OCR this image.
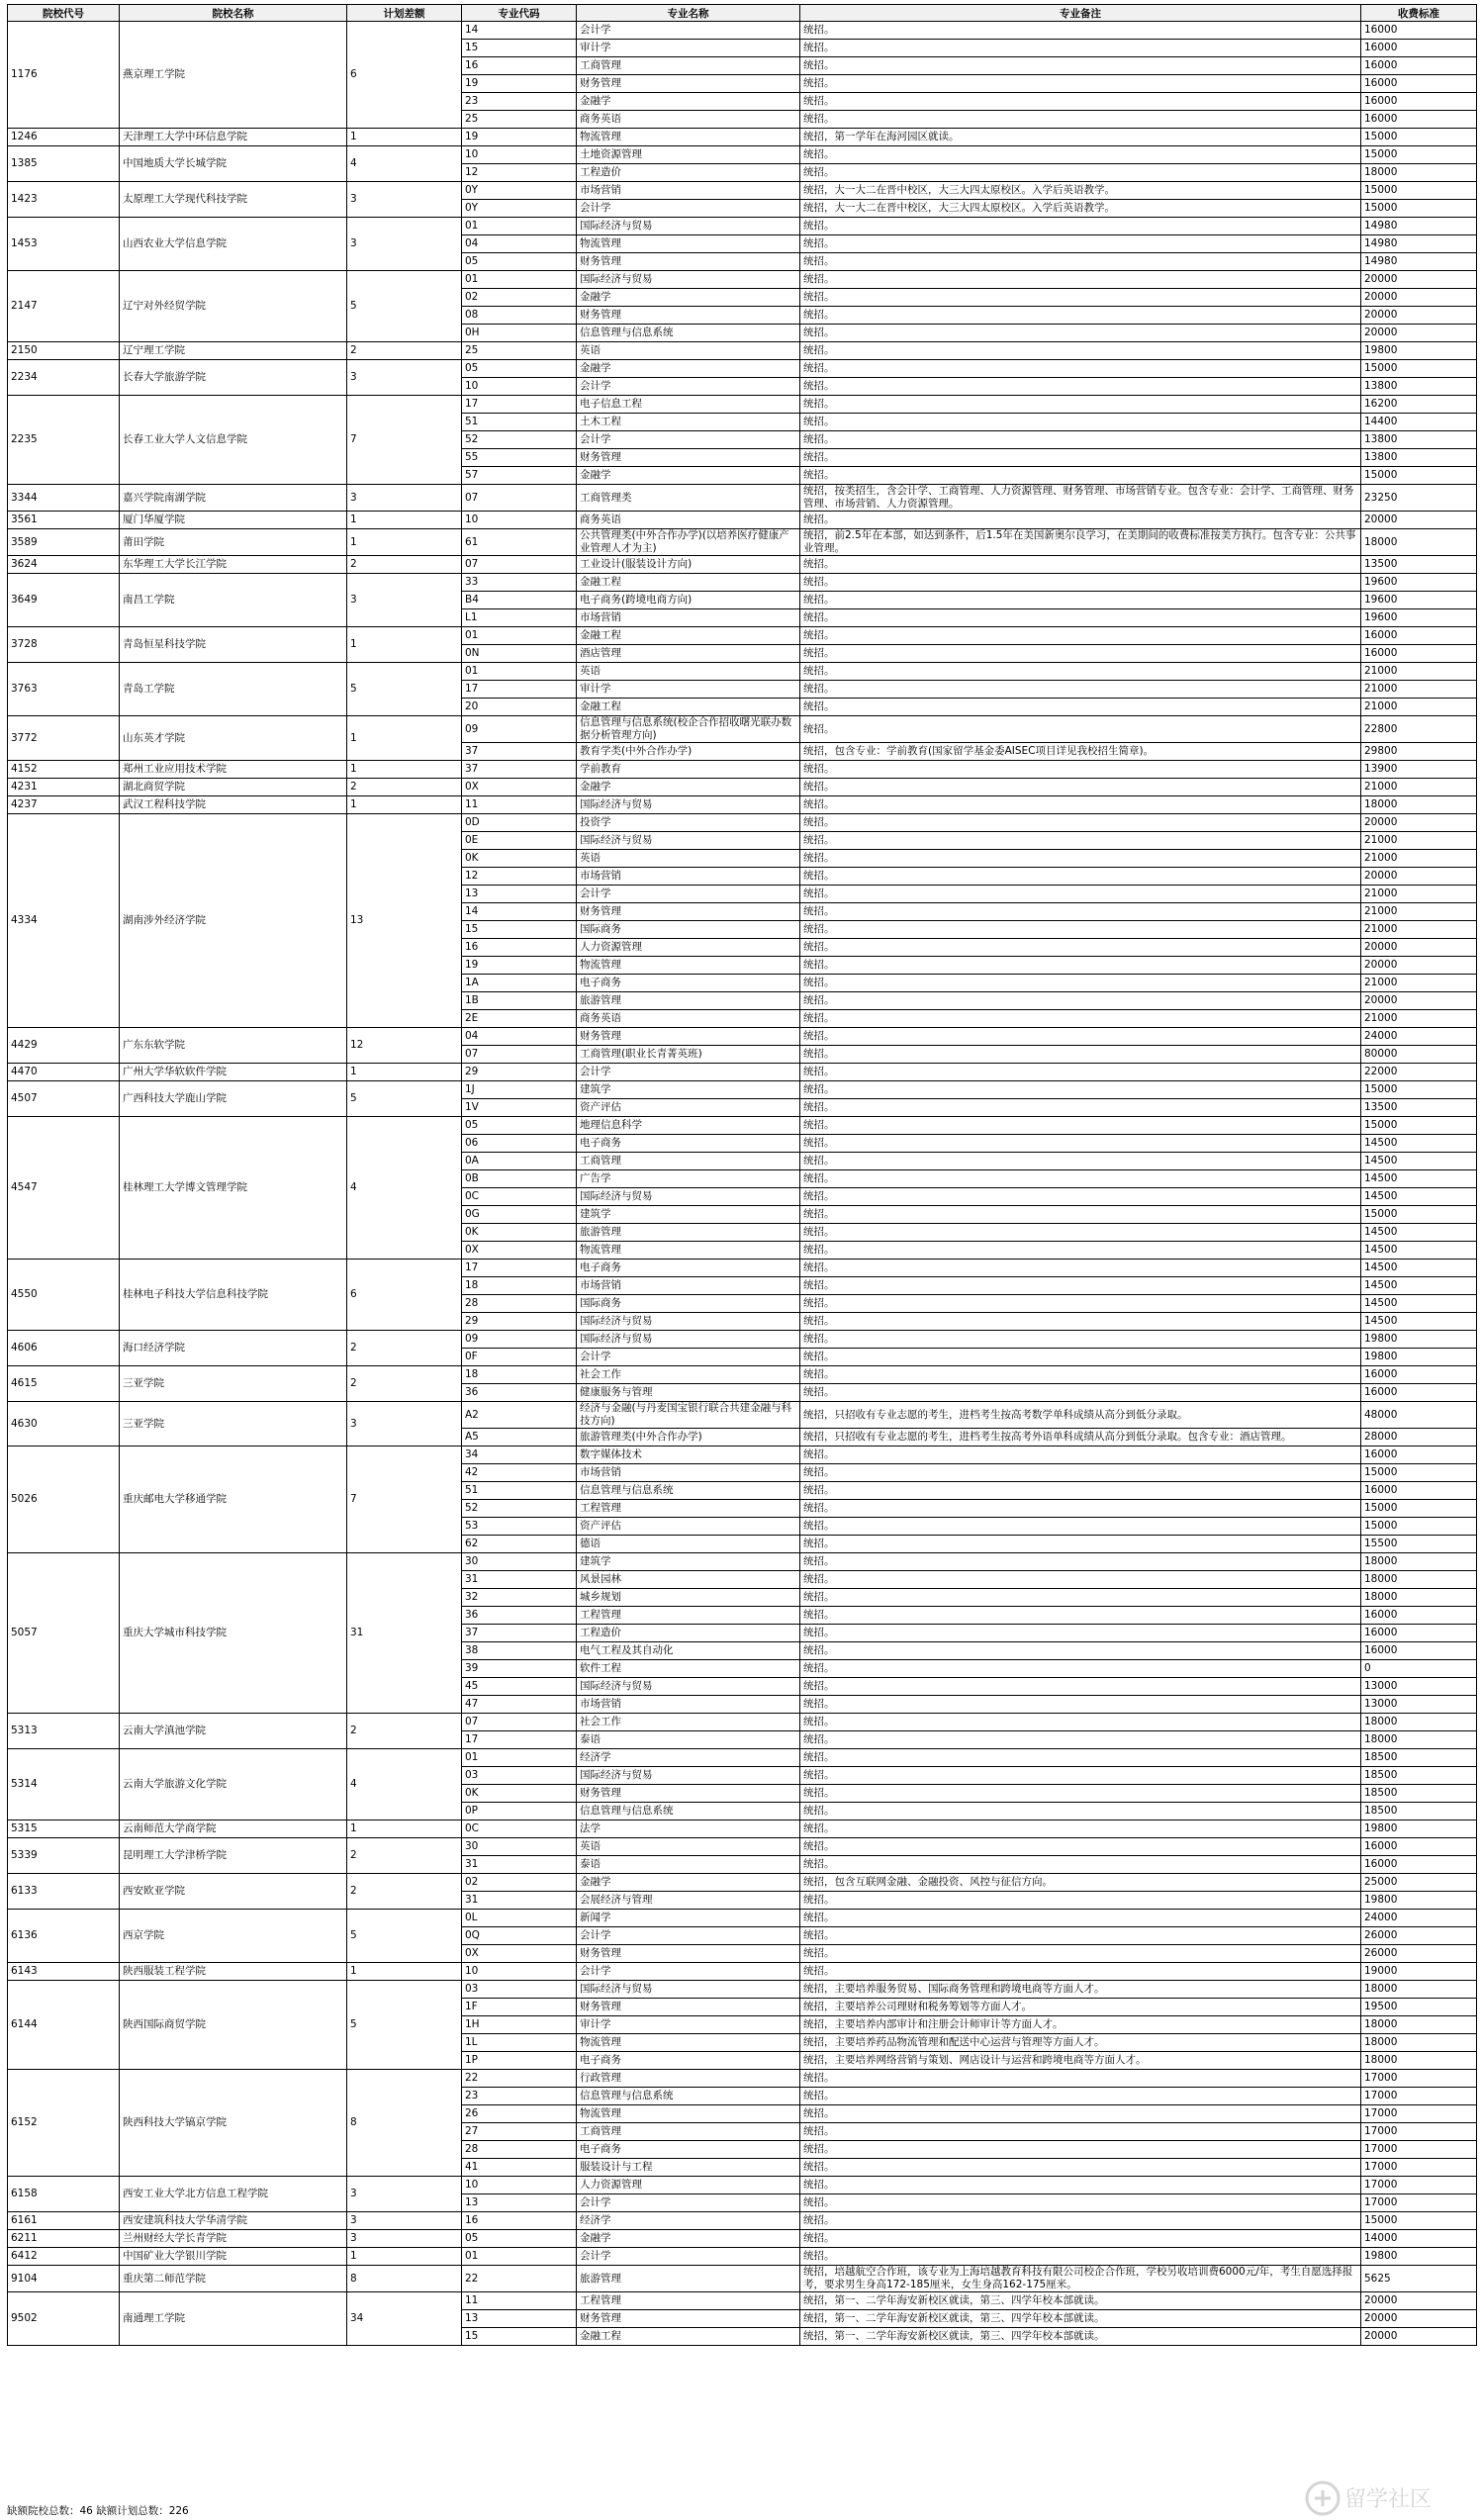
院校代号	院校名称	计划差额	专业代码	专业名称	专业备注	收费标准
1176	燕京理工学院	6	14	会计学	统招。	16000
			15	审计学	统招。	16000
			16	工商管理	统招。	16000
			19	财务管理	统招。	16000
			23	金融学	统招。	16000
			25	商务英语	统招。	16000
1246	天津理工大学中环信息学院	1	19	物流管理	统招，第一学年在海河园区就读。	15000
1385	中国地质大学长城学院	4	10	土地资源管理	统招。	15000
			12	工程造价	统招。	18000
1423	太原理工大学现代科技学院	3	0Y	市场营销	统招，大一大二在晋中校区，大三大四太原校区。入学后英语教学。	15000
			0Y	会计学	统招，大一大二在晋中校区，大三大四太原校区。入学后英语教学。	15000
1453	山西农业大学信息学院	3	01	国际经济与贸易	统招。	14980
			04	物流管理	统招。	14980
			05	财务管理	统招。	14980
2147	辽宁对外经贸学院	5	01	国际经济与贸易	统招。	20000
			02	金融学	统招。	20000
			08	财务管理	统招。	20000
			0H	信息管理与信息系统	统招。	20000
2150	辽宁理工学院	2	25	英语	统招。	19800
2234	长春大学旅游学院	3	05	金融学	统招。	15000
			10	会计学	统招。	13800
2235	长春工业大学人文信息学院	7	17	电子信息工程	统招。	16200
			51	土木工程	统招。	14400
			52	会计学	统招。	13800
			55	财务管理	统招。	13800
			57	金融学	统招。	15000
3344	嘉兴学院南湖学院	3	07	工商管理类	统招，按类招生，含会计学、工商管理、人力资源管理、财务管理、市场营销专业。包含专业：会计学、工商管理、财务管理、市场营销、人力资源管理。	23250
3561	厦门华厦学院	1	10	商务英语	统招。	20000
3589	莆田学院	1	61	公共管理类(中外合作办学)(以培养医疗健康产业管理人才为主)	统招，前2.5年在本部，如达到条件，后1.5年在美国新奥尔良学习，在美期间的收费标准按美方执行。包含专业：公共事业管理。	18000
3624	东华理工大学长江学院	2	07	工业设计(服装设计方向)	统招。	13500
3649	南昌工学院	3	33	金融工程	统招。	19600
			B4	电子商务(跨境电商方向)	统招。	19600
			L1	市场营销	统招。	19600
3728	青岛恒星科技学院	1	01	金融工程	统招。	16000
			0N	酒店管理	统招。	16000
3763	青岛工学院	5	01	英语	统招。	21000
			17	审计学	统招。	21000
			20	金融工程	统招。	21000
3772	山东英才学院	1	09	信息管理与信息系统(校企合作招收曙光联办数据分析管理方向)	统招。	22800
			37	教育学类(中外合作办学)	统招，包含专业：学前教育(国家留学基金委AISEC项目详见我校招生简章)。	29800
4152	郑州工业应用技术学院	1	37	学前教育	统招。	13900
4231	湖北商贸学院	2	0X	金融学	统招。	21000
4237	武汉工程科技学院	1	11	国际经济与贸易	统招。	18000
4334	湖南涉外经济学院	13	0D	投资学	统招。	20000
			0E	国际经济与贸易	统招。	21000
			0K	英语	统招。	21000
			12	市场营销	统招。	20000
			13	会计学	统招。	21000
			14	财务管理	统招。	21000
			15	国际商务	统招。	21000
			16	人力资源管理	统招。	20000
			19	物流管理	统招。	20000
			1A	电子商务	统招。	21000
			1B	旅游管理	统招。	20000
			2E	商务英语	统招。	21000
4429	广东东软学院	12	04	财务管理	统招。	24000
			07	工商管理(职业长青菁英班)	统招。	80000
4470	广州大学华软软件学院	1	29	会计学	统招。	22000
4507	广西科技大学鹿山学院	5	1J	建筑学	统招。	15000
			1V	资产评估	统招。	13500
4547	桂林理工大学博文管理学院	4	05	地理信息科学	统招。	15000
			06	电子商务	统招。	14500
			0A	工商管理	统招。	14500
			0B	广告学	统招。	14500
			0C	国际经济与贸易	统招。	14500
			0G	建筑学	统招。	15000
			0K	旅游管理	统招。	14500
			0X	物流管理	统招。	14500
4550	桂林电子科技大学信息科技学院	6	17	电子商务	统招。	14500
			18	市场营销	统招。	14500
			28	国际商务	统招。	14500
			29	国际经济与贸易	统招。	14500
4606	海口经济学院	2	09	国际经济与贸易	统招。	19800
			0F	会计学	统招。	19800
4615	三亚学院	2	18	社会工作	统招。	16000
			36	健康服务与管理	统招。	16000
4630	三亚学院	3	A2	经济与金融(与丹麦国宝银行联合共建金融与科技方向)	统招，只招收有专业志愿的考生，进档考生按高考数学单科成绩从高分到低分录取。	48000
			A5	旅游管理类(中外合作办学)	统招，只招收有专业志愿的考生，进档考生按高考外语单科成绩从高分到低分录取。包含专业：酒店管理。	28000
5026	重庆邮电大学移通学院	7	34	数字媒体技术	统招。	16000
			42	市场营销	统招。	15000
			51	信息管理与信息系统	统招。	16000
			52	工程管理	统招。	15000
			53	资产评估	统招。	15000
			62	德语	统招。	15500
5057	重庆大学城市科技学院	31	30	建筑学	统招。	18000
			31	风景园林	统招。	18000
			32	城乡规划	统招。	18000
			36	工程管理	统招。	16000
			37	工程造价	统招。	16000
			38	电气工程及其自动化	统招。	16000
			39	软件工程	统招。	0
			45	国际经济与贸易	统招。	13000
			47	市场营销	统招。	13000
5313	云南大学滇池学院	2	07	社会工作	统招。	18000
			17	泰语	统招。	18000
5314	云南大学旅游文化学院	4	01	经济学	统招。	18500
			03	国际经济与贸易	统招。	18500
			0K	财务管理	统招。	18500
			0P	信息管理与信息系统	统招。	18500
5315	云南师范大学商学院	1	0C	法学	统招。	19800
5339	昆明理工大学津桥学院	2	30	英语	统招。	16000
			31	泰语	统招。	16000
6133	西安欧亚学院	2	02	金融学	统招，包含互联网金融、金融投资、风控与征信方向。	25000
			31	会展经济与管理	统招。	19800
6136	西京学院	5	0L	新闻学	统招。	24000
			0Q	会计学	统招。	26000
			0X	财务管理	统招。	26000
6143	陕西服装工程学院	1	10	会计学	统招。	19000
6144	陕西国际商贸学院	5	03	国际经济与贸易	统招，主要培养服务贸易、国际商务管理和跨境电商等方面人才。	18000
			1F	财务管理	统招，主要培养公司理财和税务筹划等方面人才。	19500
			1H	审计学	统招，主要培养内部审计和注册会计师审计等方面人才。	18000
			1L	物流管理	统招，主要培养药品物流管理和配送中心运营与管理等方面人才。	18000
			1P	电子商务	统招，主要培养网络营销与策划、网店设计与运营和跨境电商等方面人才。	18000
6152	陕西科技大学镐京学院	8	22	行政管理	统招。	17000
			23	信息管理与信息系统	统招。	17000
			26	物流管理	统招。	17000
			27	工商管理	统招。	17000
			28	电子商务	统招。	17000
			41	服装设计与工程	统招。	17000
6158	西安工业大学北方信息工程学院	3	10	人力资源管理	统招。	17000
			13	会计学	统招。	17000
6161	西安建筑科技大学华清学院	3	16	经济学	统招。	15000
6211	兰州财经大学长青学院	3	05	金融学	统招。	14000
6412	中国矿业大学银川学院	1	01	会计学	统招。	19800
9104	重庆第二师范学院	8	22	旅游管理	统招，培越航空合作班，该专业为上海培越教育科技有限公司校企合作班，学校另收培训费6000元/年，考生自愿选择报考，要求男生身高172-185厘米，女生身高162-175厘米。	5625
9502	南通理工学院	34	11	工程管理	统招，第一、二学年海安新校区就读，第三、四学年校本部就读。	20000
			13	财务管理	统招，第一、二学年海安新校区就读，第三、四学年校本部就读。	20000
			15	金融工程	统招，第一、二学年海安新校区就读，第三、四学年校本部就读。	20000
缺额院校总数：46 缺额计划总数：226	留学社区
